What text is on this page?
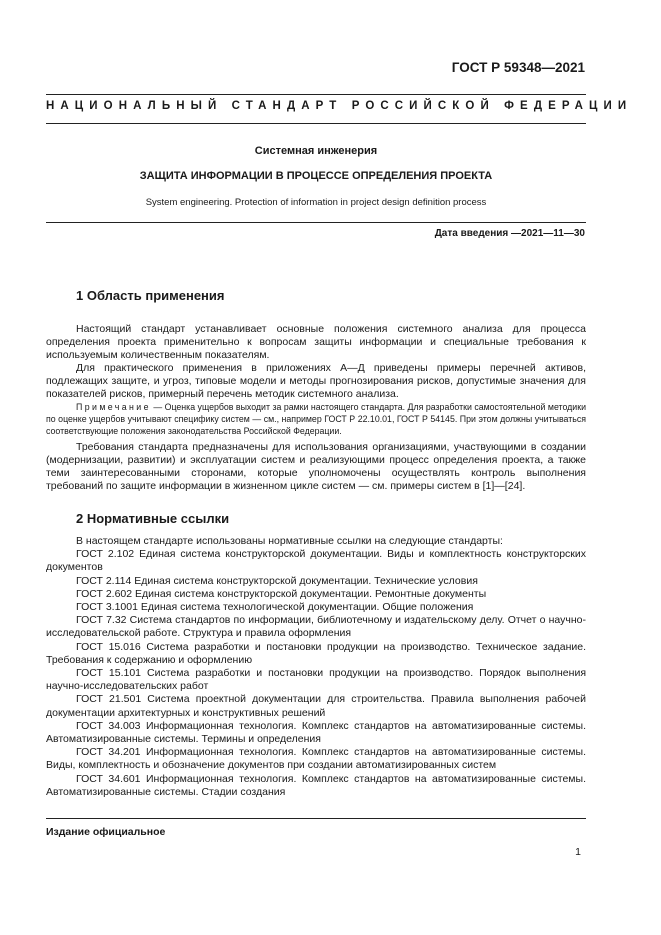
ГОСТ Р 59348—2021
НАЦИОНАЛЬНЫЙ СТАНДАРТ РОССИЙСКОЙ ФЕДЕРАЦИИ
Системная инженерия
ЗАЩИТА ИНФОРМАЦИИ В ПРОЦЕССЕ ОПРЕДЕЛЕНИЯ ПРОЕКТА
System engineering. Protection of information in project design definition process
Дата введения —2021—11—30
1 Область применения

Настоящий стандарт устанавливает основные положения системного анализа для процесса определения проекта применительно к вопросам защиты информации и специальные требования к используемым количественным показателям.

Для практического применения в приложениях А—Д приведены примеры перечней активов, подлежащих защите, и угроз, типовые модели и методы прогнозирования рисков, допустимые значения для показателей рисков, примерный перечень методик системного анализа.

Примечание — Оценка ущербов выходит за рамки настоящего стандарта. Для разработки самостоятельной методики по оценке ущербов учитывают специфику систем — см., например ГОСТ Р 22.10.01, ГОСТ Р 54145. При этом должны учитываться соответствующие положения законодательства Российской Федерации.

Требования стандарта предназначены для использования организациями, участвующими в создании (модернизации, развитии) и эксплуатации систем и реализующими процесс определения проекта, а также теми заинтересованными сторонами, которые уполномочены осуществлять контроль выполнения требований по защите информации в жизненном цикле систем — см. примеры систем в [1]—[24].

2 Нормативные ссылки

В настоящем стандарте использованы нормативные ссылки на следующие стандарты:

ГОСТ 2.102 Единая система конструкторской документации. Виды и комплектность конструкторских документов

ГОСТ 2.114 Единая система конструкторской документации. Технические условия

ГОСТ 2.602 Единая система конструкторской документации. Ремонтные документы

ГОСТ 3.1001 Единая система технологической документации. Общие положения

ГОСТ 7.32 Система стандартов по информации, библиотечному и издательскому делу. Отчет о научно-исследовательской работе. Структура и правила оформления

ГОСТ 15.016 Система разработки и постановки продукции на производство. Техническое задание. Требования к содержанию и оформлению

ГОСТ 15.101 Система разработки и постановки продукции на производство. Порядок выполнения научно-исследовательских работ

ГОСТ 21.501 Система проектной документации для строительства. Правила выполнения рабочей документации архитектурных и конструктивных решений

ГОСТ 34.003 Информационная технология. Комплекс стандартов на автоматизированные системы. Автоматизированные системы. Термины и определения

ГОСТ 34.201 Информационная технология. Комплекс стандартов на автоматизированные системы. Виды, комплектность и обозначение документов при создании автоматизированных систем

ГОСТ 34.601 Информационная технология. Комплекс стандартов на автоматизированные системы. Автоматизированные системы. Стадии создания

Издание официальное
1
